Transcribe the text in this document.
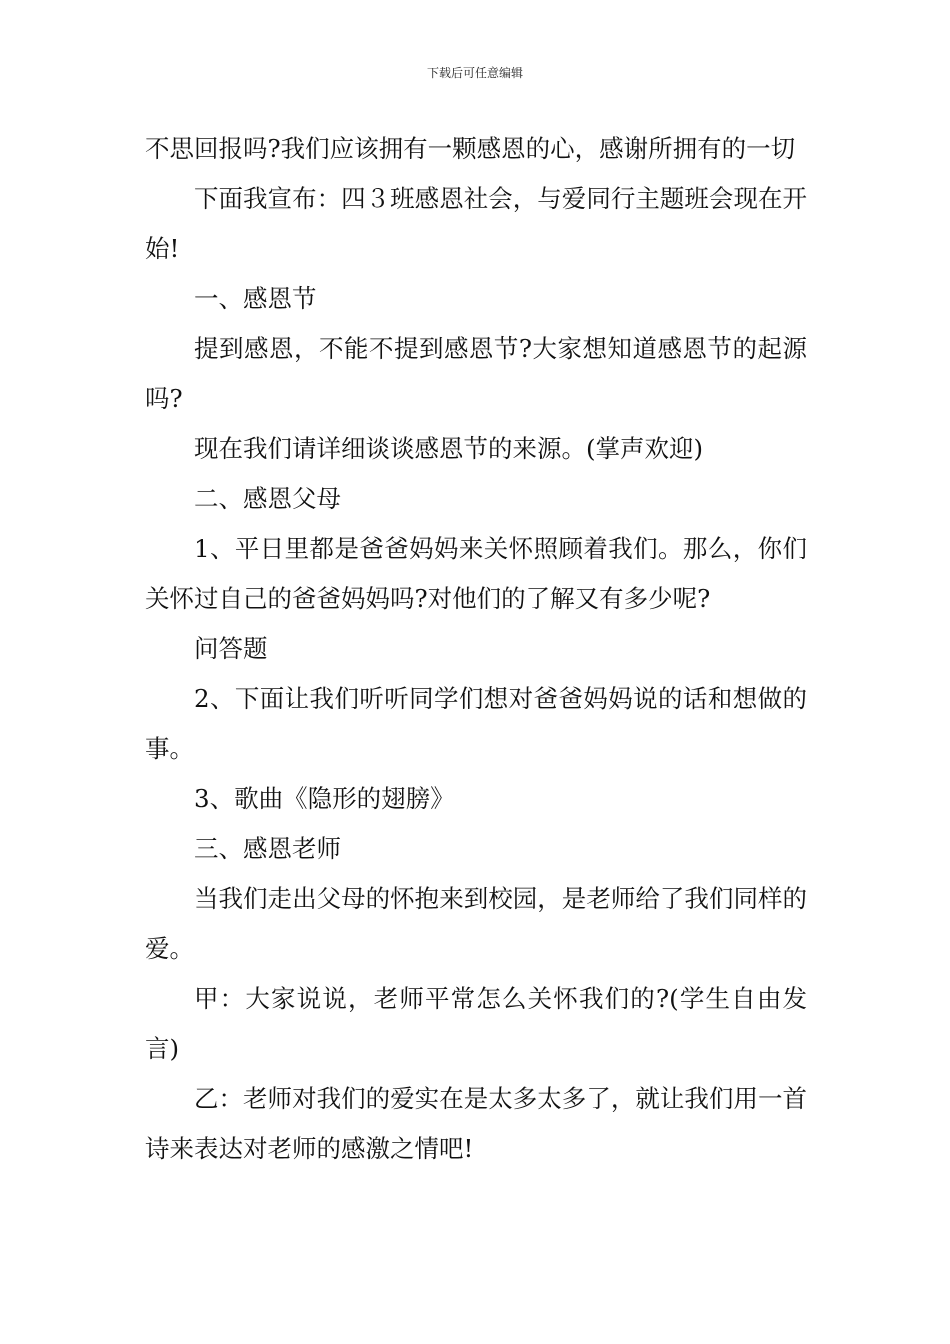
下载后可任意编辑

不思回报吗?我们应该拥有一颗感恩的心，感谢所拥有的一切

下面我宣布：四３班感恩社会，与爱同行主题班会现在开始!

一、感恩节

提到感恩，不能不提到感恩节?大家想知道感恩节的起源吗?

现在我们请详细谈谈感恩节的来源。(掌声欢迎)

二、感恩父母

1、平日里都是爸爸妈妈来关怀照顾着我们。那么，你们关怀过自己的爸爸妈妈吗?对他们的了解又有多少呢?

问答题

2、下面让我们听听同学们想对爸爸妈妈说的话和想做的事。

3、歌曲《隐形的翅膀》

三、感恩老师

当我们走出父母的怀抱来到校园，是老师给了我们同样的爱。

甲：大家说说，老师平常怎么关怀我们的?(学生自由发言)

乙：老师对我们的爱实在是太多太多了，就让我们用一首诗来表达对老师的感激之情吧!
